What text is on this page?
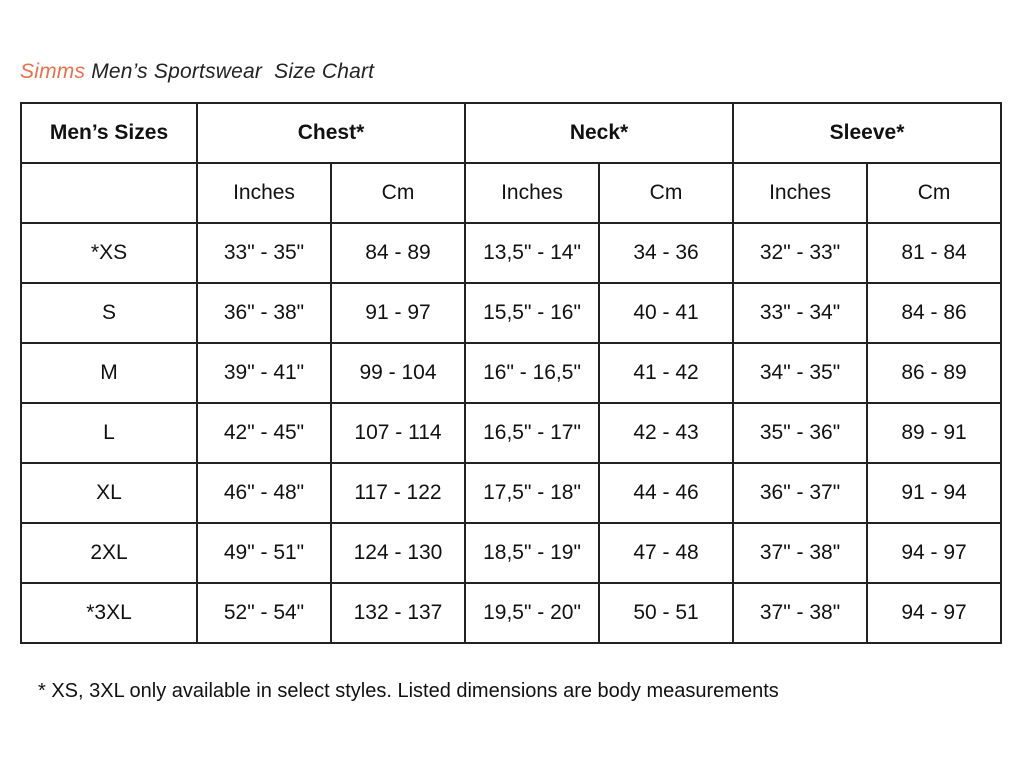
Simms Men’s Sportswear  Size Chart
Men’s Sizes	Chest*		Neck*		Sleeve*	
	Inches	Cm	Inches	Cm	Inches	Cm
*XS	33" - 35"	84 - 89	13,5" - 14"	34 - 36	32" - 33"	81 - 84
S	36" - 38"	91 - 97	15,5" - 16"	40 - 41	33" - 34"	84 - 86
M	39" - 41"	99 - 104	16" - 16,5"	41 - 42	34" - 35"	86 - 89
L	42" - 45"	107 - 114	16,5" - 17"	42 - 43	35" - 36"	89 - 91
XL	46" - 48"	117 - 122	17,5" - 18"	44 - 46	36" - 37"	91 - 94
2XL	49" - 51"	124 - 130	18,5" - 19"	47 - 48	37" - 38"	94 - 97
*3XL	52" - 54"	132 - 137	19,5" - 20"	50 - 51	37" - 38"	94 - 97
* XS, 3XL only available in select styles. Listed dimensions are body measurements
